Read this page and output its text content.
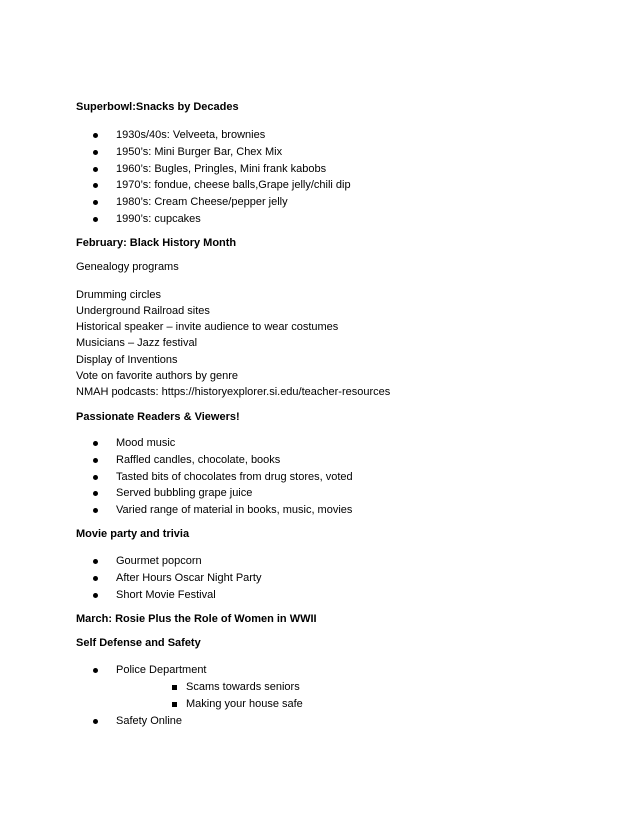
Superbowl:Snacks by Decades

1930s/40s: Velveeta, brownies
1950’s: Mini Burger Bar, Chex Mix
1960’s: Bugles, Pringles, Mini frank kabobs
1970’s: fondue, cheese balls,Grape jelly/chili dip
1980’s: Cream Cheese/pepper jelly
1990’s: cupcakes

February: Black History Month

Genealogy programs

Drumming circles
Underground Railroad sites
Historical speaker – invite audience to wear costumes
Musicians – Jazz festival
Display of Inventions
Vote on favorite authors by genre
NMAH podcasts: https://historyexplorer.si.edu/teacher-resources

Passionate Readers & Viewers!

Mood music
Raffled candles, chocolate, books
Tasted bits of chocolates from drug stores, voted
Served bubbling grape juice
Varied range of material in books, music, movies

Movie party and trivia

Gourmet popcorn
After Hours Oscar Night Party
Short Movie Festival

March: Rosie Plus the Role of Women in WWII

Self Defense and Safety

Police Department
Scams towards seniors
Making your house safe
Safety Online
